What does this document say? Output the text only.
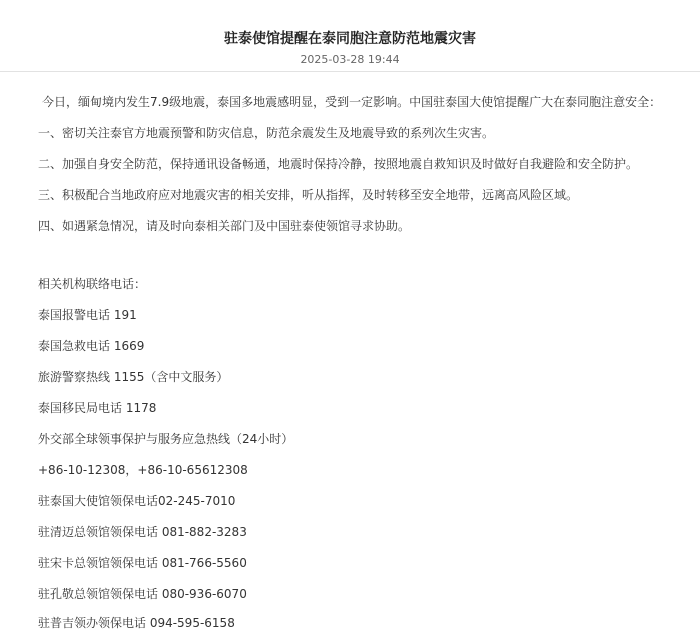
驻泰使馆提醒在泰同胞注意防范地震灾害
2025-03-28 19:44
今日，缅甸境内发生7.9级地震，泰国多地震感明显，受到一定影响。中国驻泰国大使馆提醒广大在泰同胞注意安全：
一、密切关注泰官方地震预警和防灾信息，防范余震发生及地震导致的系列次生灾害。
二、加强自身安全防范，保持通讯设备畅通，地震时保持冷静，按照地震自救知识及时做好自我避险和安全防护。
三、积极配合当地政府应对地震灾害的相关安排，听从指挥，及时转移至安全地带，远离高风险区域。
四、如遇紧急情况，请及时向泰相关部门及中国驻泰使领馆寻求协助。
相关机构联络电话：
泰国报警电话 191
泰国急救电话 1669
旅游警察热线 1155（含中文服务）
泰国移民局电话 1178
外交部全球领事保护与服务应急热线（24小时）
+86-10-12308，+86-10-65612308
驻泰国大使馆领保电话02-245-7010
驻清迈总领馆领保电话 081-882-3283
驻宋卡总领馆领保电话 081-766-5560
驻孔敬总领馆领保电话 080-936-6070
驻普吉领办领保电话 094-595-6158
